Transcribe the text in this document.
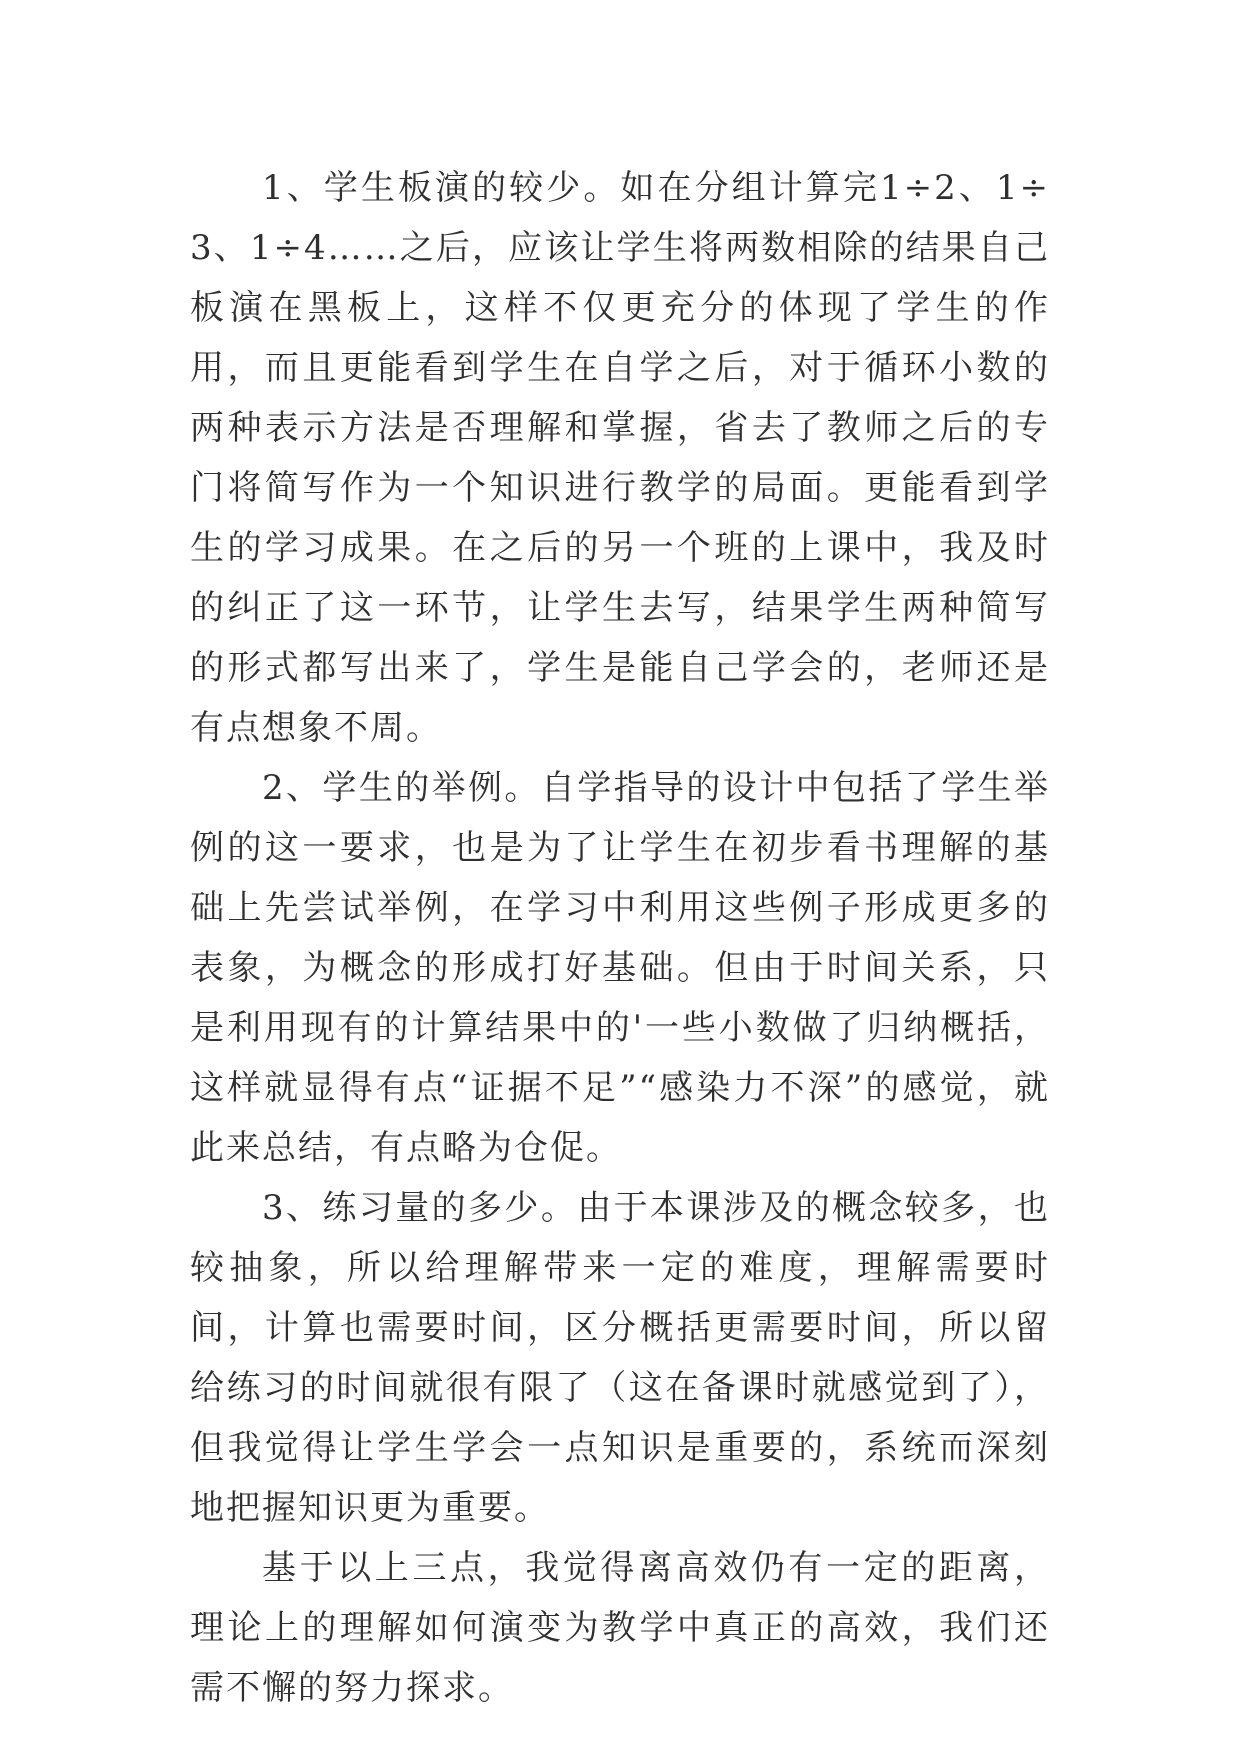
1、学生板演的较少。如在分组计算完1÷2、1÷3、1÷4……之后，应该让学生将两数相除的结果自己板演在黑板上，这样不仅更充分的体现了学生的作用，而且更能看到学生在自学之后，对于循环小数的两种表示方法是否理解和掌握，省去了教师之后的专门将简写作为一个知识进行教学的局面。更能看到学生的学习成果。在之后的另一个班的上课中，我及时的纠正了这一环节，让学生去写，结果学生两种简写的形式都写出来了，学生是能自己学会的，老师还是有点想象不周。

2、学生的举例。自学指导的设计中包括了学生举例的这一要求，也是为了让学生在初步看书理解的基础上先尝试举例，在学习中利用这些例子形成更多的表象，为概念的形成打好基础。但由于时间关系，只是利用现有的计算结果中的'一些小数做了归纳概括，这样就显得有点“证据不足”“感染力不深”的感觉，就此来总结，有点略为仓促。

3、练习量的多少。由于本课涉及的概念较多，也较抽象，所以给理解带来一定的难度，理解需要时间，计算也需要时间，区分概括更需要时间，所以留给练习的时间就很有限了（这在备课时就感觉到了），但我觉得让学生学会一点知识是重要的，系统而深刻地把握知识更为重要。

基于以上三点，我觉得离高效仍有一定的距离，理论上的理解如何演变为教学中真正的高效，我们还需不懈的努力探求。
